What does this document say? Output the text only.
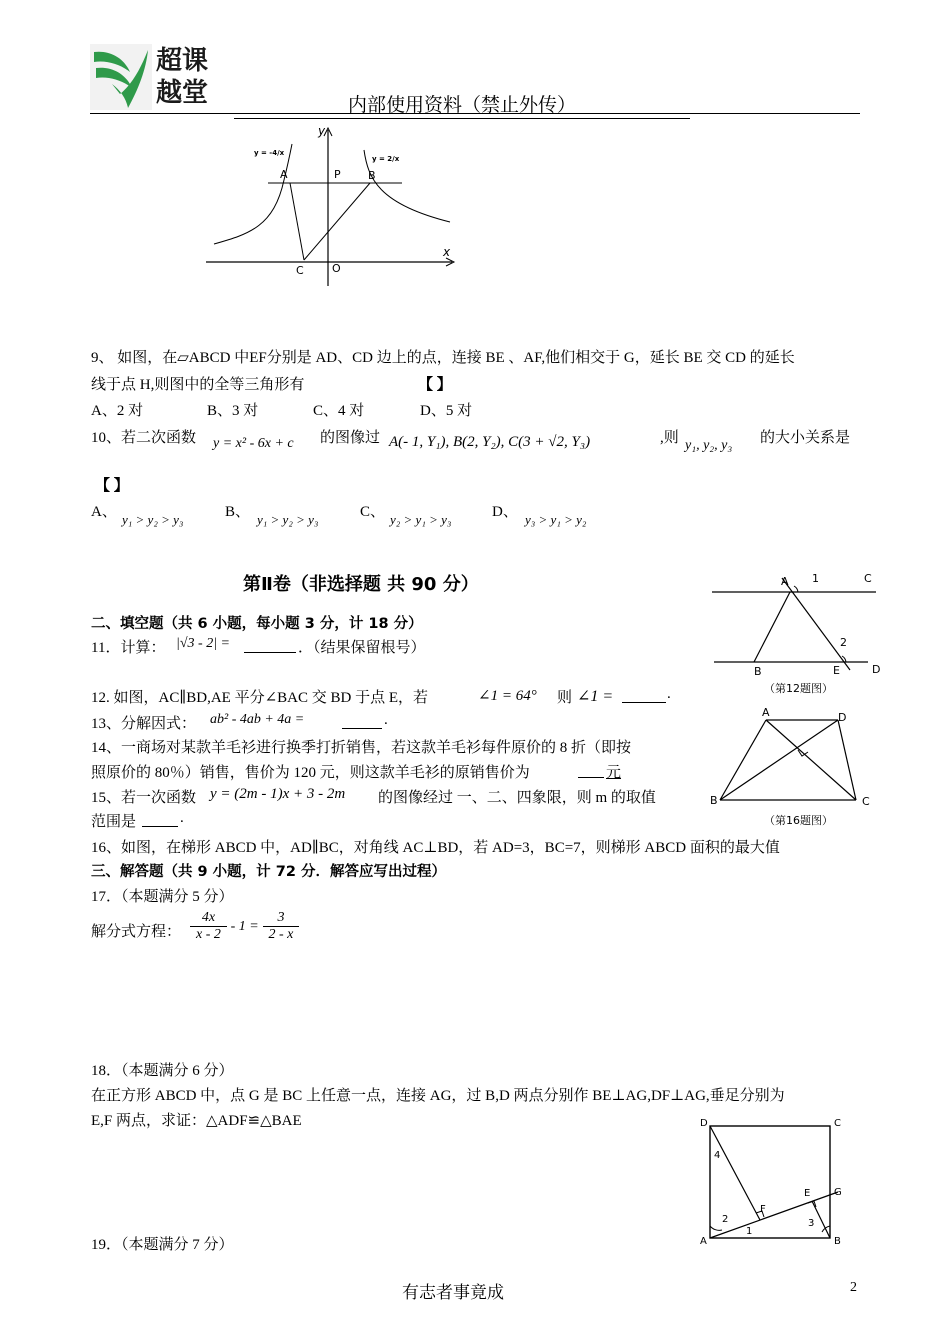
超课
越堂	内部使用资料（禁止外传）
y
x
y = -4/x
y = 2/x
A	P B
C	O
9、 如图，在▱ABCD 中EF分别是 AD、CD 边上的点，连接 BE 、AF,他们相交于 G，延长 BE 交 CD 的延长
线于点 H,则图中的全等三角形有	【 】
A、2 对	B、3 对	C、4 对	D、5 对
10、若二次函数 y = x² - 6x + c 的图像过 A(- 1, Y₁), B(2, Y₂), C(3 + √2, Y₃)	,则 y₁, y₂, y₃ 的大小关系是
【 】
A、 y₁ > y₂ > y₃	B、 y₁ > y₂ > y₃	C、 y₂ > y₁ > y₃	D、 y₃ > y₁ > y₂
第Ⅱ卷（非选择题 共 90 分）	A 1	C
2
B	E	D
（第12题图）
二、填空题（共 6 小题，每小题 3 分，计 18 分）
11．计算： |√3 - 2| =	．（结果保留根号）
12. 如图，AC∥BD,AE 平分∠BAC 交 BD 于点 E，若	∠1 = 64° 则 ∠1 =	.
13、分解因式： ab² - 4ab + 4a =	.
14、一商场对某款羊毛衫进行换季打折销售，若这款羊毛衫每件原价的 8 折（即按
照原价的 80％）销售，售价为 120 元，则这款羊毛衫的原销售价为	元
15、若一次函数 y = (2m - 1)x + 3 - 2m 的图像经过 一、二、四象限，则 m 的取值
范围是	.
A	D
B	C
（第16题图）
16、如图，在梯形 ABCD 中，AD∥BC，对角线 AC⊥BD，若 AD=3，BC=7，则梯形 ABCD 面积的最大值
三、解答题（共 9 小题，计 72 分．解答应写出过程）
17．（本题满分 5 分）
解分式方程： $\frac{4x}{x - 2} - 1 = \frac{3}{2 - x}$
18．（本题满分 6 分）
在正方形 ABCD 中，点 G 是 BC 上任意一点，连接 AG，过 B,D 两点分别作 BE⊥AG,DF⊥AG,垂足分别为
E,F 两点，求证：△ADF≌△BAE	D	C
A	B
G
E
F
4
2
1
3
19．（本题满分 7 分）
有志者事竟成	2
